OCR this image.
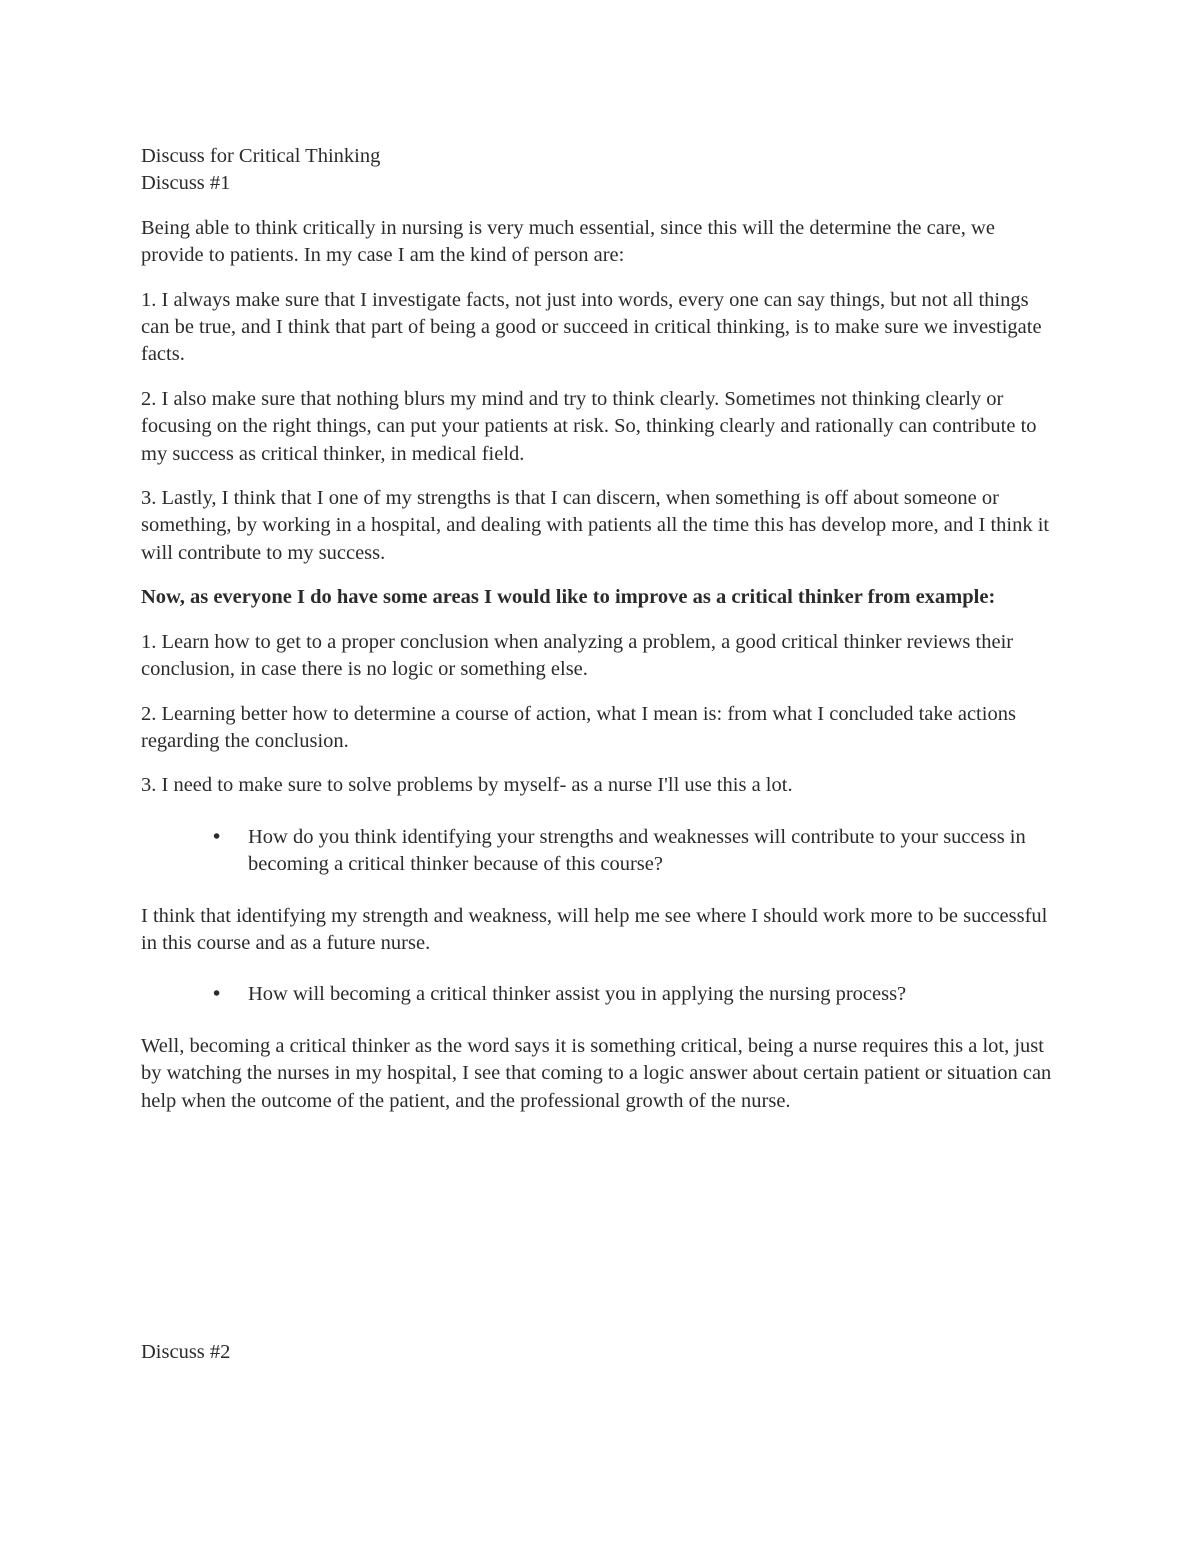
Discuss for Critical Thinking
Discuss #1

Being able to think critically in nursing is very much essential, since this will the determine the care, we provide to patients. In my case I am the kind of person are:

1. I always make sure that I investigate facts, not just into words, every one can say things, but not all things can be true, and I think that part of being a good or succeed in critical thinking, is to make sure we investigate facts.

2. I also make sure that nothing blurs my mind and try to think clearly. Sometimes not thinking clearly or focusing on the right things, can put your patients at risk. So, thinking clearly and rationally can contribute to my success as critical thinker, in medical field.

3. Lastly, I think that I one of my strengths is that I can discern, when something is off about someone or something, by working in a hospital, and dealing with patients all the time this has develop more, and I think it will contribute to my success.

Now, as everyone I do have some areas I would like to improve as a critical thinker from example:

1. Learn how to get to a proper conclusion when analyzing a problem, a good critical thinker reviews their conclusion, in case there is no logic or something else.

2. Learning better how to determine a course of action, what I mean is: from what I concluded take actions regarding the conclusion.

3. I need to make sure to solve problems by myself- as a nurse I'll use this a lot.

• How do you think identifying your strengths and weaknesses will contribute to your success in becoming a critical thinker because of this course?

I think that identifying my strength and weakness, will help me see where I should work more to be successful in this course and as a future nurse.

• How will becoming a critical thinker assist you in applying the nursing process?

Well, becoming a critical thinker as the word says it is something critical, being a nurse requires this a lot, just by watching the nurses in my hospital, I see that coming to a logic answer about certain patient or situation can help when the outcome of the patient, and the professional growth of the nurse.

Discuss #2
